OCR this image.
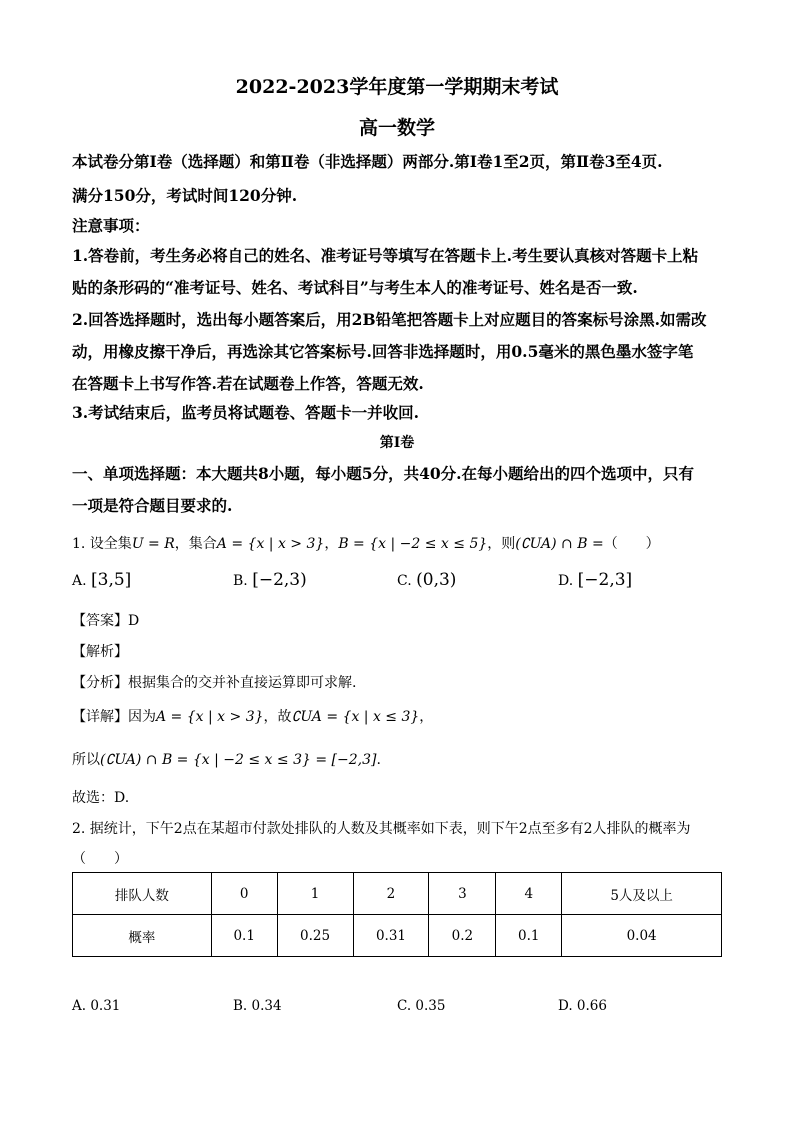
2022-2023学年度第一学期期末考试
高一数学
本试卷分第Ⅰ卷（选择题）和第Ⅱ卷（非选择题）两部分.第Ⅰ卷1至2页，第Ⅱ卷3至4页.
满分150分，考试时间120分钟.
注意事项：
1.答卷前，考生务必将自己的姓名、准考证号等填写在答题卡上.考生要认真核对答题卡上粘
贴的条形码的“准考证号、姓名、考试科目”与考生本人的准考证号、姓名是否一致.
2.回答选择题时，选出每小题答案后，用2B铅笔把答题卡上对应题目的答案标号涂黑.如需改
动，用橡皮擦干净后，再选涂其它答案标号.回答非选择题时，用0.5毫米的黑色墨水签字笔
在答题卡上书写作答.若在试题卷上作答，答题无效.
3.考试结束后，监考员将试题卷、答题卡一并收回.
第Ⅰ卷
一、单项选择题：本大题共8小题，每小题5分，共40分.在每小题给出的四个选项中，只有
一项是符合题目要求的.
1. 设全集U = R，集合A = {x | x > 3}，B = {x | −2 ≤ x ≤ 5}，则(∁UA) ∩ B =（　　）
A. [3,5]	B. [−2,3)	C. (0,3)	D. [−2,3]
【答案】D
【解析】
【分析】根据集合的交并补直接运算即可求解.
【详解】因为A = {x | x > 3}，故∁UA = {x | x ≤ 3}，
所以(∁UA) ∩ B = {x | −2 ≤ x ≤ 3} = [−2,3].
故选：D.
2. 据统计，下午2点在某超市付款处排队的人数及其概率如下表，则下午2点至多有2人排队的概率为
（　　）
排队人数	0	1	2	3	4	5人及以上
概率	0.1	0.25	0.31	0.2	0.1	0.04
A. 0.31	B. 0.34	C. 0.35	D. 0.66
